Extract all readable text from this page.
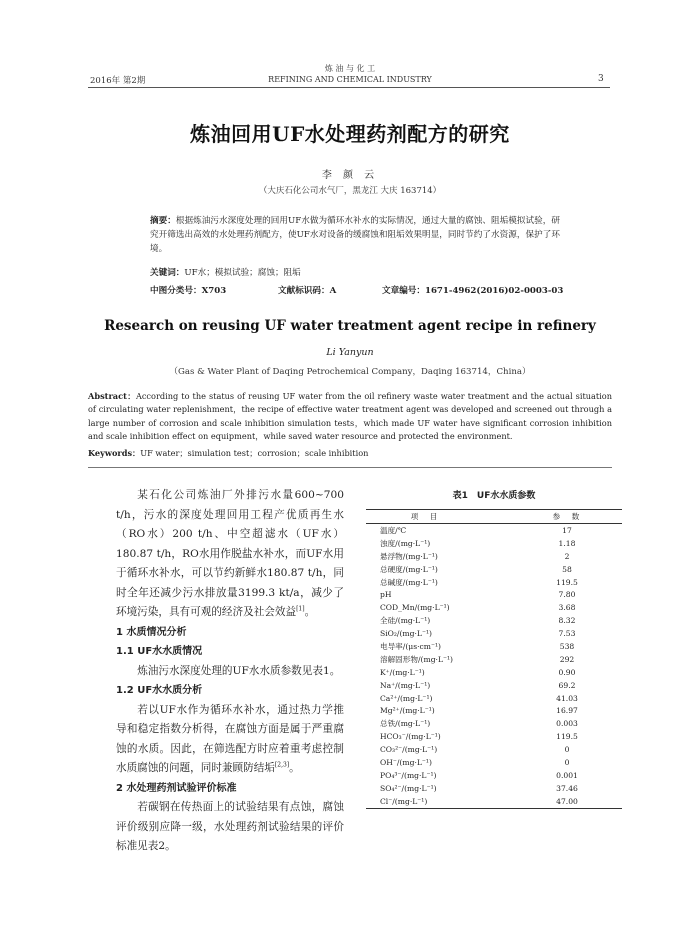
2016年 第2期
炼 油 与 化 工
REFINING AND CHEMICAL INDUSTRY	3
炼油回用UF水处理药剂配方的研究
李 颜 云
（大庆石化公司水气厂，黑龙江 大庆 163714）
摘要：根据炼油污水深度处理的回用UF水做为循环水补水的实际情况，通过大量的腐蚀、阻垢模拟试验，研究开筛选出高效的水处理药剂配方，使UF水对设备的缓腐蚀和阻垢效果明显，同时节约了水资源，保护了环境。
关键词：UF水；模拟试验；腐蚀；阻垢
中图分类号：X703	文献标识码：A	文章编号：1671-4962(2016)02-0003-03
Research on reusing UF water treatment agent recipe in refinery
Li Yanyun
（Gas & Water Plant of Daqing Petrochemical Company，Daqing 163714，China）
Abstract：According to the status of reusing UF water from the oil refinery waste water treatment and the actual situation of circulating water replenishment，the recipe of effective water treatment agent was developed and screened out through a large number of corrosion and scale inhibition simulation tests，which made UF water have significant corrosion inhibition and scale inhibition effect on equipment，while saved water resource and protected the environment.
Keywords：UF water；simulation test；corrosion；scale inhibition

某石化公司炼油厂外排污水量600~700 t/h，污水的深度处理回用工程产优质再生水（RO水）200 t/h、中空超滤水（UF水）180.87 t/h，RO水用作脱盐水补水，而UF水用于循环水补水，可以节约新鲜水180.87 t/h，同时全年还减少污水排放量3199.3 kt/a，减少了环境污染，具有可观的经济及社会效益[1]。

1 水质情况分析
1.1 UF水水质情况

炼油污水深度处理的UF水水质参数见表1。

1.2 UF水水质分析

若以UF水作为循环水补水，通过热力学推导和稳定指数分析得，在腐蚀方面是属于严重腐蚀的水质。因此，在筛选配方时应着重考虑控制水质腐蚀的问题，同时兼顾防结垢[2,3]。

2 水处理药剂试验评价标准

若碳钢在传热面上的试验结果有点蚀，腐蚀评价级别应降一级，水处理药剂试验结果的评价标准见表2。

表1　UF水水质参数
项　目	参　数
温度/℃	17
浊度/(mg·L⁻¹)	1.18
悬浮物/(mg·L⁻¹)	2
总硬度/(mg·L⁻¹)	58
总碱度/(mg·L⁻¹)	119.5
pH	7.80
COD_Mn/(mg·L⁻¹)	3.68
全硅/(mg·L⁻¹)	8.32
SiO₂/(mg·L⁻¹)	7.53
电导率/(μs·cm⁻¹)	538
溶解固形物/(mg·L⁻¹)	292
K⁺/(mg·L⁻¹)	0.90
Na⁺/(mg·L⁻¹)	69.2
Ca²⁺/(mg·L⁻¹)	41.03
Mg²⁺/(mg·L⁻¹)	16.97
总铁/(mg·L⁻¹)	0.003
HCO₃⁻/(mg·L⁻¹)	119.5
CO₃²⁻/(mg·L⁻¹)	0
OH⁻/(mg·L⁻¹)	0
PO₄³⁻/(mg·L⁻¹)	0.001
SO₄²⁻/(mg·L⁻¹)	37.46
Cl⁻/(mg·L⁻¹)	47.00
